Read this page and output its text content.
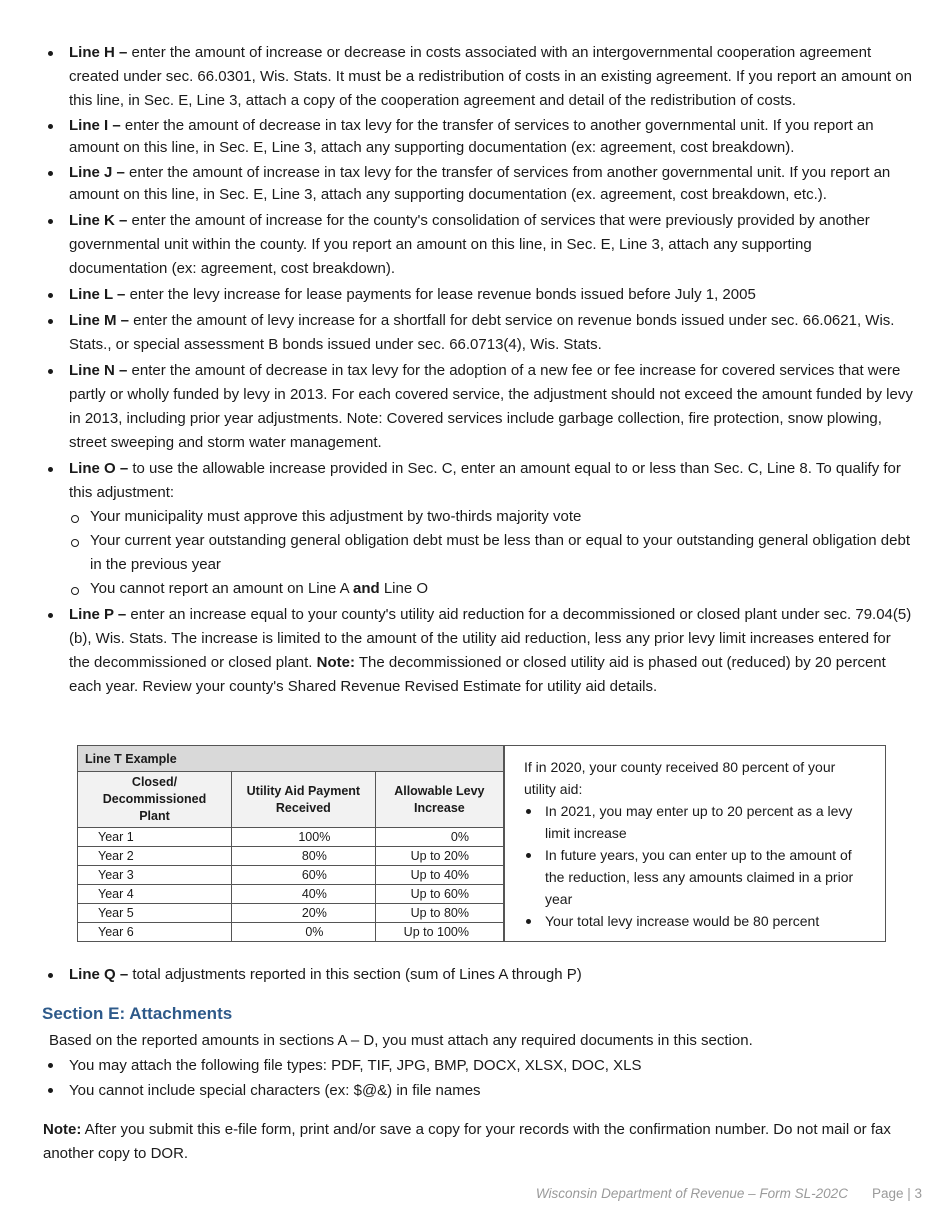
Line H – enter the amount of increase or decrease in costs associated with an intergovernmental cooperation agreement created under sec. 66.0301, Wis. Stats. It must be a redistribution of costs in an existing agreement. If you report an amount on this line, in Sec. E, Line 3, attach a copy of the cooperation agreement and detail of the redistribution of costs.
Line I – enter the amount of decrease in tax levy for the transfer of services to another governmental unit. If you report an amount on this line, in Sec. E, Line 3, attach any supporting documentation (ex: agreement, cost breakdown).
Line J – enter the amount of increase in tax levy for the transfer of services from another governmental unit. If you report an amount on this line, in Sec. E, Line 3, attach any supporting documentation (ex. agreement, cost breakdown, etc.).
Line K – enter the amount of increase for the county's consolidation of services that were previously provided by another governmental unit within the county. If you report an amount on this line, in Sec. E, Line 3, attach any supporting documentation (ex: agreement, cost breakdown).
Line L – enter the levy increase for lease payments for lease revenue bonds issued before July 1, 2005
Line M – enter the amount of levy increase for a shortfall for debt service on revenue bonds issued under sec. 66.0621, Wis. Stats., or special assessment B bonds issued under sec. 66.0713(4), Wis. Stats.
Line N – enter the amount of decrease in tax levy for the adoption of a new fee or fee increase for covered services that were partly or wholly funded by levy in 2013. For each covered service, the adjustment should not exceed the amount funded by levy in 2013, including prior year adjustments. Note: Covered services include garbage collection, fire protection, snow plowing, street sweeping and storm water management.
Line O – to use the allowable increase provided in Sec. C, enter an amount equal to or less than Sec. C, Line 8. To qualify for this adjustment:
Your municipality must approve this adjustment by two-thirds majority vote
Your current year outstanding general obligation debt must be less than or equal to your outstanding general obligation debt in the previous year
You cannot report an amount on Line A and Line O
Line P – enter an increase equal to your county's utility aid reduction for a decommissioned or closed plant under sec. 79.04(5)(b), Wis. Stats. The increase is limited to the amount of the utility aid reduction, less any prior levy limit increases entered for the decommissioned or closed plant. Note: The decommissioned or closed utility aid is phased out (reduced) by 20 percent each year. Review your county's Shared Revenue Revised Estimate for utility aid details.
Line T Example		
Closed/ Decommissioned Plant	Utility Aid Payment Received	Allowable Levy Increase
Year 1	100%	0%
Year 2	80%	Up to 20%
Year 3	60%	Up to 40%
Year 4	40%	Up to 60%
Year 5	20%	Up to 80%
Year 6	0%	Up to 100%
If in 2020, your county received 80 percent of your utility aid:
In 2021, you may enter up to 20 percent as a levy limit increase
In future years, you can enter up to the amount of the reduction, less any amounts claimed in a prior year
Your total levy increase would be 80 percent
Line Q – total adjustments reported in this section (sum of Lines A through P)
Section E: Attachments
Based on the reported amounts in sections A – D, you must attach any required documents in this section.
You may attach the following file types: PDF, TIF, JPG, BMP, DOCX, XLSX, DOC, XLS
You cannot include special characters (ex: $@&) in file names
Note: After you submit this e-file form, print and/or save a copy for your records with the confirmation number. Do not mail or fax another copy to DOR.
Wisconsin Department of Revenue – Form SL-202C Page | 3
